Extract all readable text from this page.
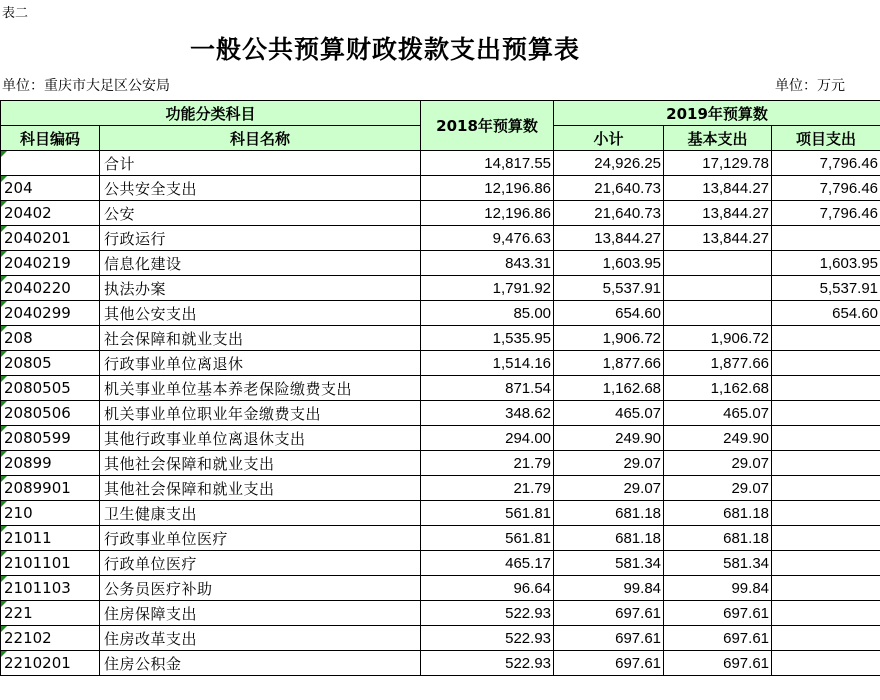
表二
一般公共预算财政拨款支出预算表
单位：重庆市大足区公安局	单位：万元
功能分类科目		2018年预算数	2019年预算数		
科目编码	科目名称		小计	基本支出	项目支出
	合计	14,817.55	24,926.25	17,129.78	7,796.46
204	公共安全支出	12,196.86	21,640.73	13,844.27	7,796.46
20402	公安	12,196.86	21,640.73	13,844.27	7,796.46
2040201	行政运行	9,476.63	13,844.27	13,844.27	
2040219	信息化建设	843.31	1,603.95		1,603.95
2040220	执法办案	1,791.92	5,537.91		5,537.91
2040299	其他公安支出	85.00	654.60		654.60
208	社会保障和就业支出	1,535.95	1,906.72	1,906.72	
20805	行政事业单位离退休	1,514.16	1,877.66	1,877.66	
2080505	机关事业单位基本养老保险缴费支出	871.54	1,162.68	1,162.68	
2080506	机关事业单位职业年金缴费支出	348.62	465.07	465.07	
2080599	其他行政事业单位离退休支出	294.00	249.90	249.90	
20899	其他社会保障和就业支出	21.79	29.07	29.07	
2089901	其他社会保障和就业支出	21.79	29.07	29.07	
210	卫生健康支出	561.81	681.18	681.18	
21011	行政事业单位医疗	561.81	681.18	681.18	
2101101	行政单位医疗	465.17	581.34	581.34	
2101103	公务员医疗补助	96.64	99.84	99.84	
221	住房保障支出	522.93	697.61	697.61	
22102	住房改革支出	522.93	697.61	697.61	
2210201	住房公积金	522.93	697.61	697.61	
